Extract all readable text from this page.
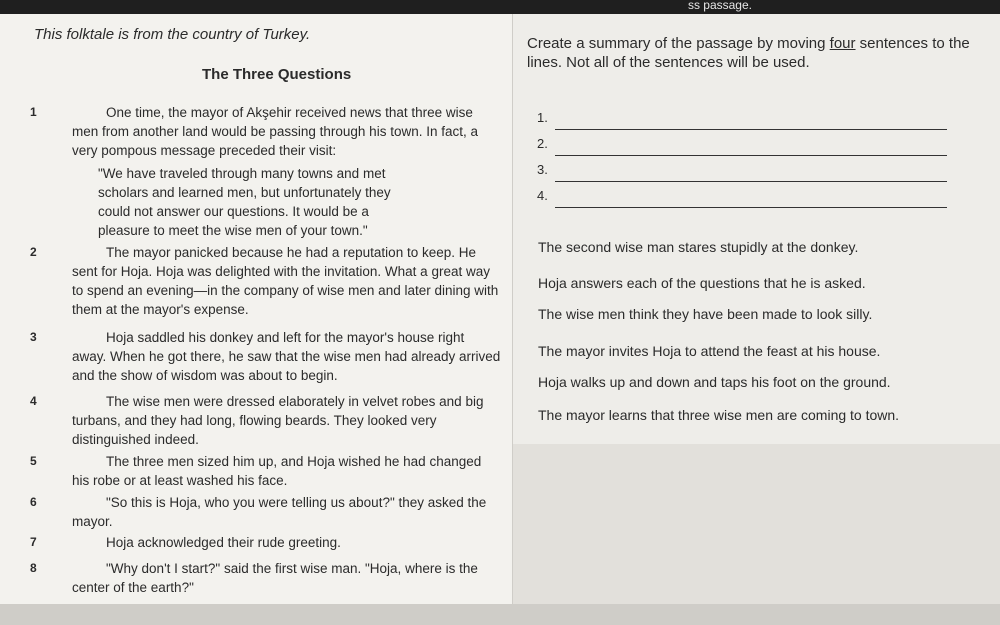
ss passage.
This folktale is from the country of Turkey.
The Three Questions
1	One time, the mayor of Akşehir received news that three wise men from another land would be passing through his town. In fact, a very pompous message preceded their visit:
"We have traveled through many towns and met scholars and learned men, but unfortunately they could not answer our questions. It would be a pleasure to meet the wise men of your town."
2	The mayor panicked because he had a reputation to keep. He sent for Hoja. Hoja was delighted with the invitation. What a great way to spend an evening—in the company of wise men and later dining with them at the mayor's expense.
3	Hoja saddled his donkey and left for the mayor's house right away. When he got there, he saw that the wise men had already arrived and the show of wisdom was about to begin.
4	The wise men were dressed elaborately in velvet robes and big turbans, and they had long, flowing beards. They looked very distinguished indeed.
5	The three men sized him up, and Hoja wished he had changed his robe or at least washed his face.
6	"So this is Hoja, who you were telling us about?" they asked the mayor.
7	Hoja acknowledged their rude greeting.
8	"Why don't I start?" said the first wise man. "Hoja, where is the center of the earth?"
Create a summary of the passage by moving four sentences to the lines. Not all of the sentences will be used.
1.
2.
3.
4.
The second wise man stares stupidly at the donkey.
Hoja answers each of the questions that he is asked.
The wise men think they have been made to look silly.
The mayor invites Hoja to attend the feast at his house.
Hoja walks up and down and taps his foot on the ground.
The mayor learns that three wise men are coming to town.
